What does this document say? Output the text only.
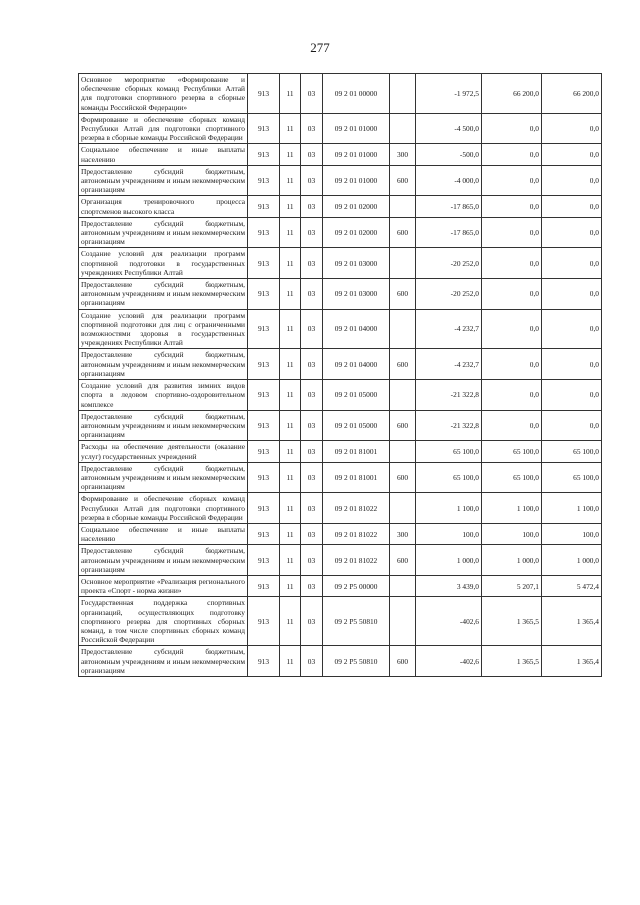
277
Основное мероприятие «Формирование и обеспечение сборных команд Республики Алтай для подготовки спортивного резерва в сборные команды Российской Федерации»	913	11	03	09 2 01 00000		-1 972,5	66 200,0	66 200,0
Формирование и обеспечение сборных команд Республики Алтай для подготовки спортивного резерва в сборные команды Российской Федерации	913	11	03	09 2 01 01000		-4 500,0	0,0	0,0
Социальное обеспечение и иные выплаты населению	913	11	03	09 2 01 01000	300	-500,0	0,0	0,0
Предоставление субсидий бюджетным, автономным учреждениям и иным некоммерческим организациям	913	11	03	09 2 01 01000	600	-4 000,0	0,0	0,0
Организация тренировочного процесса спортсменов высокого класса	913	11	03	09 2 01 02000		-17 865,0	0,0	0,0
Предоставление субсидий бюджетным, автономным учреждениям и иным некоммерческим организациям	913	11	03	09 2 01 02000	600	-17 865,0	0,0	0,0
Создание условий для реализации программ спортивной подготовки в государственных учреждениях Республики Алтай	913	11	03	09 2 01 03000		-20 252,0	0,0	0,0
Предоставление субсидий бюджетным, автономным учреждениям и иным некоммерческим организациям	913	11	03	09 2 01 03000	600	-20 252,0	0,0	0,0
Создание условий для реализации программ спортивной подготовки для лиц с ограниченными возможностями здоровья в государственных учреждениях Республики Алтай	913	11	03	09 2 01 04000		-4 232,7	0,0	0,0
Предоставление субсидий бюджетным, автономным учреждениям и иным некоммерческим организациям	913	11	03	09 2 01 04000	600	-4 232,7	0,0	0,0
Создание условий для развития зимних видов спорта в ледовом спортивно-оздоровительном комплексе	913	11	03	09 2 01 05000		-21 322,8	0,0	0,0
Предоставление субсидий бюджетным, автономным учреждениям и иным некоммерческим организациям	913	11	03	09 2 01 05000	600	-21 322,8	0,0	0,0
Расходы на обеспечение деятельности (оказание услуг) государственных учреждений	913	11	03	09 2 01 81001		65 100,0	65 100,0	65 100,0
Предоставление субсидий бюджетным, автономным учреждениям и иным некоммерческим организациям	913	11	03	09 2 01 81001	600	65 100,0	65 100,0	65 100,0
Формирование и обеспечение сборных команд Республики Алтай для подготовки спортивного резерва в сборные команды Российской Федерации	913	11	03	09 2 01 81022		1 100,0	1 100,0	1 100,0
Социальное обеспечение и иные выплаты населению	913	11	03	09 2 01 81022	300	100,0	100,0	100,0
Предоставление субсидий бюджетным, автономным учреждениям и иным некоммерческим организациям	913	11	03	09 2 01 81022	600	1 000,0	1 000,0	1 000,0
Основное мероприятие «Реализация регионального проекта «Спорт - норма жизни»	913	11	03	09 2 P5 00000		3 439,0	5 207,1	5 472,4
Государственная поддержка спортивных организаций, осуществляющих подготовку спортивного резерва для спортивных сборных команд, в том числе спортивных сборных команд Российской Федерации	913	11	03	09 2 P5 50810		-402,6	1 365,5	1 365,4
Предоставление субсидий бюджетным, автономным учреждениям и иным некоммерческим организациям	913	11	03	09 2 P5 50810	600	-402,6	1 365,5	1 365,4
